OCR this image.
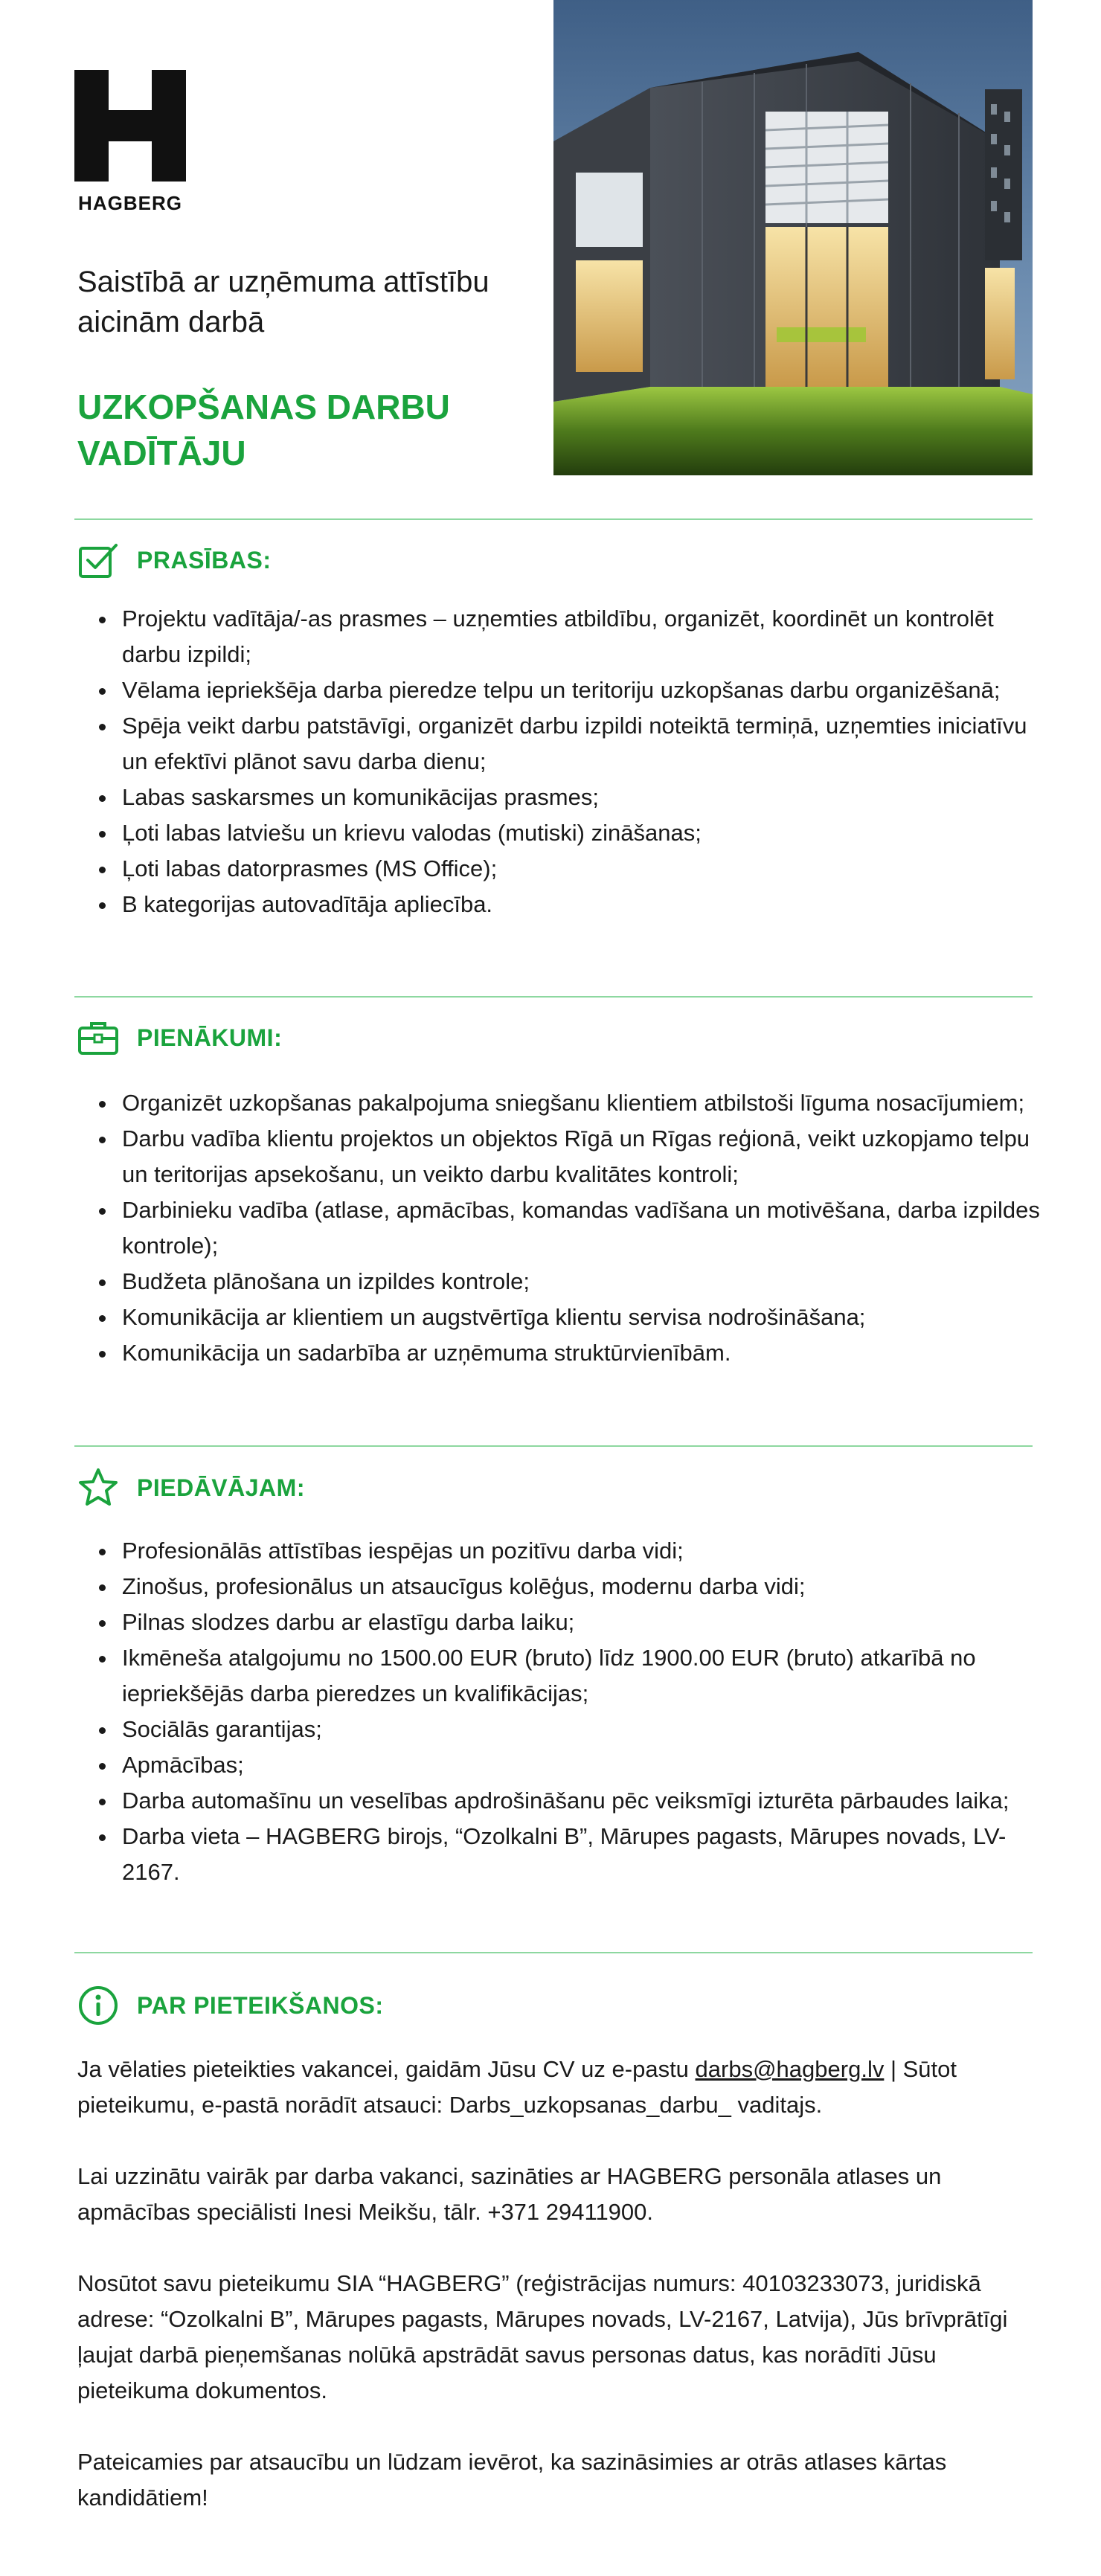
HAGBERG
Saistībā ar uzņēmuma attīstību aicinām darbā
UZKOPŠANAS DARBU VADĪTĀJU
PRASĪBAS:
• Projektu vadītāja/-as prasmes – uzņemties atbildību, organizēt, koordinēt un kontrolēt darbu izpildi;
• Vēlama iepriekšēja darba pieredze telpu un teritoriju uzkopšanas darbu organizēšanā;
• Spēja veikt darbu patstāvīgi, organizēt darbu izpildi noteiktā termiņā, uzņemties iniciatīvu un efektīvi plānot savu darba dienu;
• Labas saskarsmes un komunikācijas prasmes;
• Ļoti labas latviešu un krievu valodas (mutiski) zināšanas;
• Ļoti labas datorprasmes (MS Office);
• B kategorijas autovadītāja apliecība.
PIENĀKUMI:
• Organizēt uzkopšanas pakalpojuma sniegšanu klientiem atbilstoši līguma nosacījumiem;
• Darbu vadība klientu projektos un objektos Rīgā un Rīgas reģionā, veikt uzkopjamo telpu un teritorijas apsekošanu, un veikto darbu kvalitātes kontroli;
• Darbinieku vadība (atlase, apmācības, komandas vadīšana un motivēšana, darba izpildes kontrole);
• Budžeta plānošana un izpildes kontrole;
• Komunikācija ar klientiem un augstvērtīga klientu servisa nodrošināšana;
• Komunikācija un sadarbība ar uzņēmuma struktūrvienībām.
PIEDĀVĀJAM:
• Profesionālās attīstības iespējas un pozitīvu darba vidi;
• Zinošus, profesionālus un atsaucīgus kolēģus, modernu darba vidi;
• Pilnas slodzes darbu ar elastīgu darba laiku;
• Ikmēneša atalgojumu no 1500.00 EUR (bruto) līdz 1900.00 EUR (bruto) atkarībā no iepriekšējās darba pieredzes un kvalifikācijas;
• Sociālās garantijas;
• Apmācības;
• Darba automašīnu un veselības apdrošināšanu pēc veiksmīgi izturēta pārbaudes laika;
• Darba vieta – HAGBERG birojs, “Ozolkalni B”, Mārupes pagasts, Mārupes novads, LV-2167.
PAR PIETEIKŠANOS:

Ja vēlaties pieteikties vakancei, gaidām Jūsu CV uz e-pastu darbs@hagberg.lv | Sūtot pieteikumu, e-pastā norādīt atsauci: Darbs_uzkopsanas_darbu_ vaditajs.

Lai uzzinātu vairāk par darba vakanci, sazināties ar HAGBERG personāla atlases un apmācības speciālisti Inesi Meikšu, tālr. +371 29411900.

Nosūtot savu pieteikumu SIA “HAGBERG” (reģistrācijas numurs: 40103233073, juridiskā adrese: “Ozolkalni B”, Mārupes pagasts, Mārupes novads, LV-2167, Latvija), Jūs brīvprātīgi ļaujat darbā pieņemšanas nolūkā apstrādāt savus personas datus, kas norādīti Jūsu pieteikuma dokumentos.

Pateicamies par atsaucību un lūdzam ievērot, ka sazināsimies ar otrās atlases kārtas kandidātiem!
